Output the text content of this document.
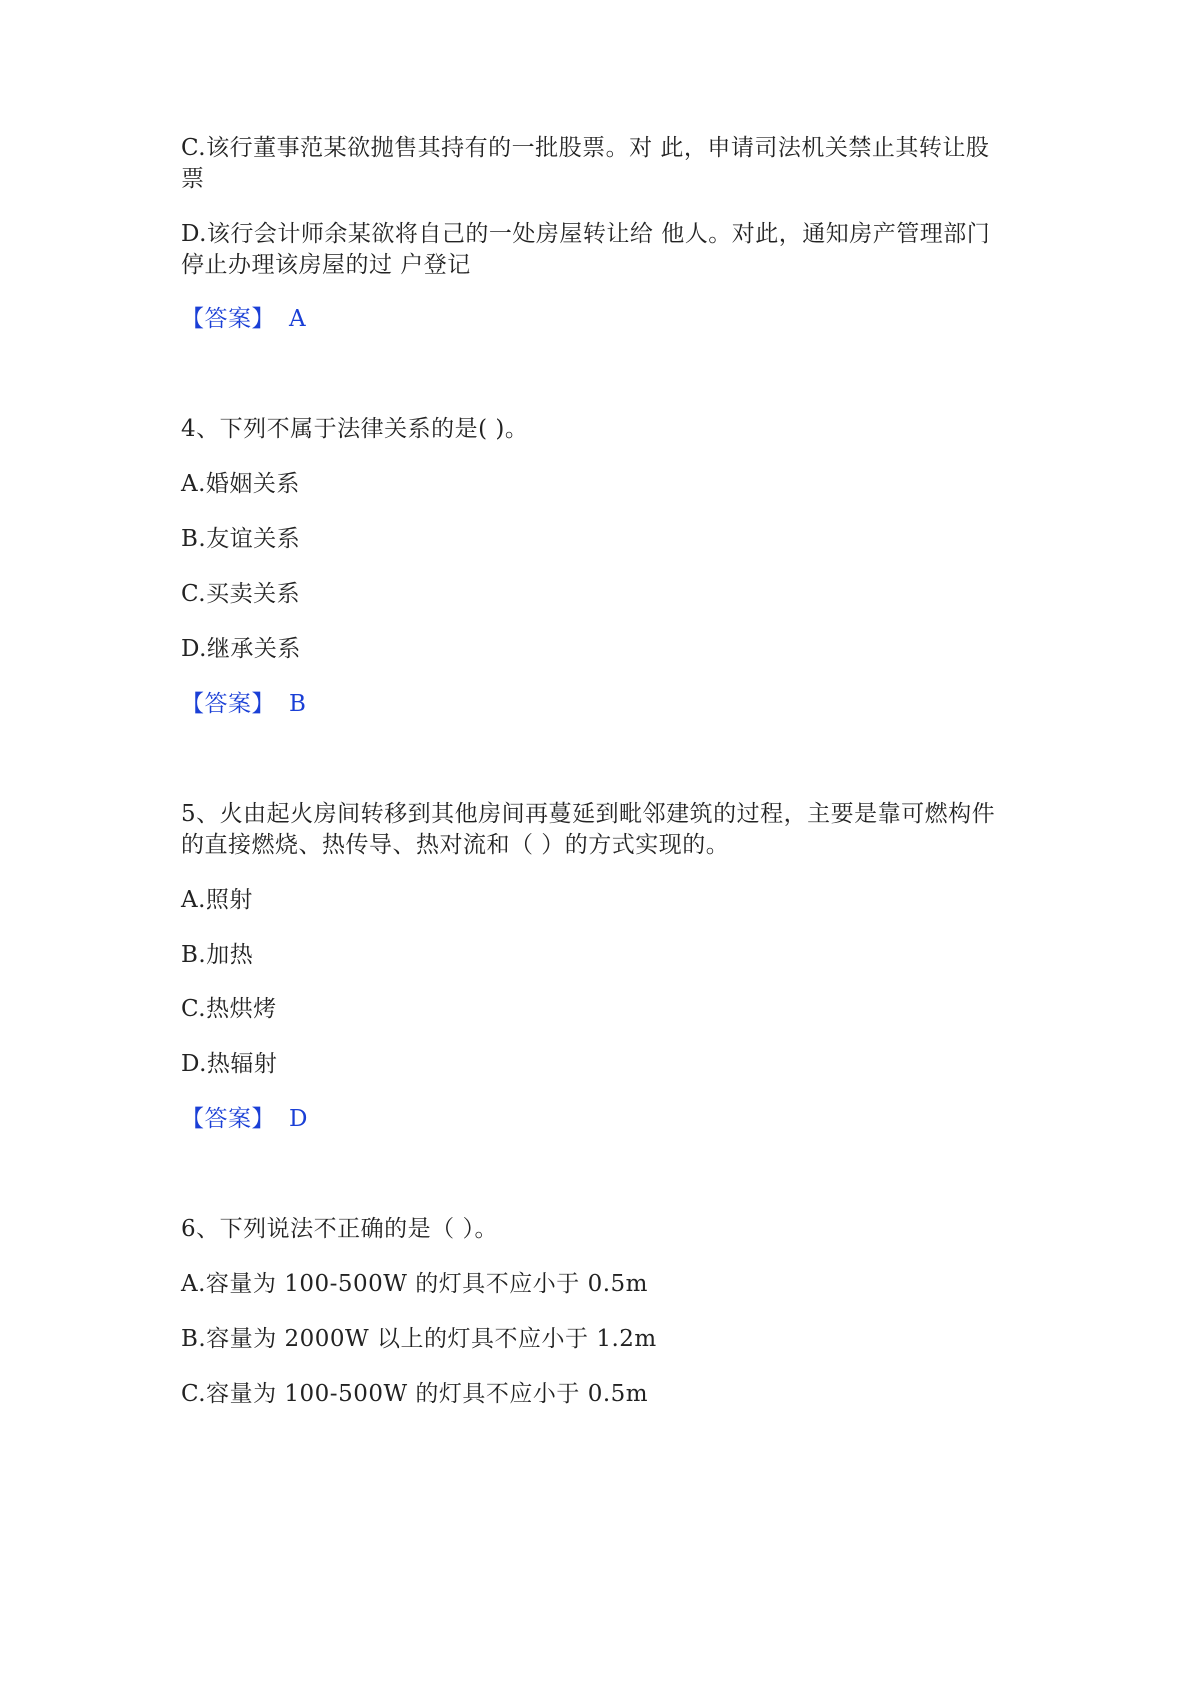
C.该行董事范某欲抛售其持有的一批股票。对 此，申请司法机关禁止其转让股
票
D.该行会计师余某欲将自己的一处房屋转让给 他人。对此，通知房产管理部门
停止办理该房屋的过 户登记
【答案】 A
4、下列不属于法律关系的是( )。
A.婚姻关系
B.友谊关系
C.买卖关系
D.继承关系
【答案】 B
5、火由起火房间转移到其他房间再蔓延到毗邻建筑的过程，主要是靠可燃构件
的直接燃烧、热传导、热对流和（ ）的方式实现的。
A.照射
B.加热
C.热烘烤
D.热辐射
【答案】 D
6、下列说法不正确的是（ ）。
A.容量为 100-500W 的灯具不应小于 0.5m
B.容量为 2000W 以上的灯具不应小于 1.2m
C.容量为 100-500W 的灯具不应小于 0.5m
